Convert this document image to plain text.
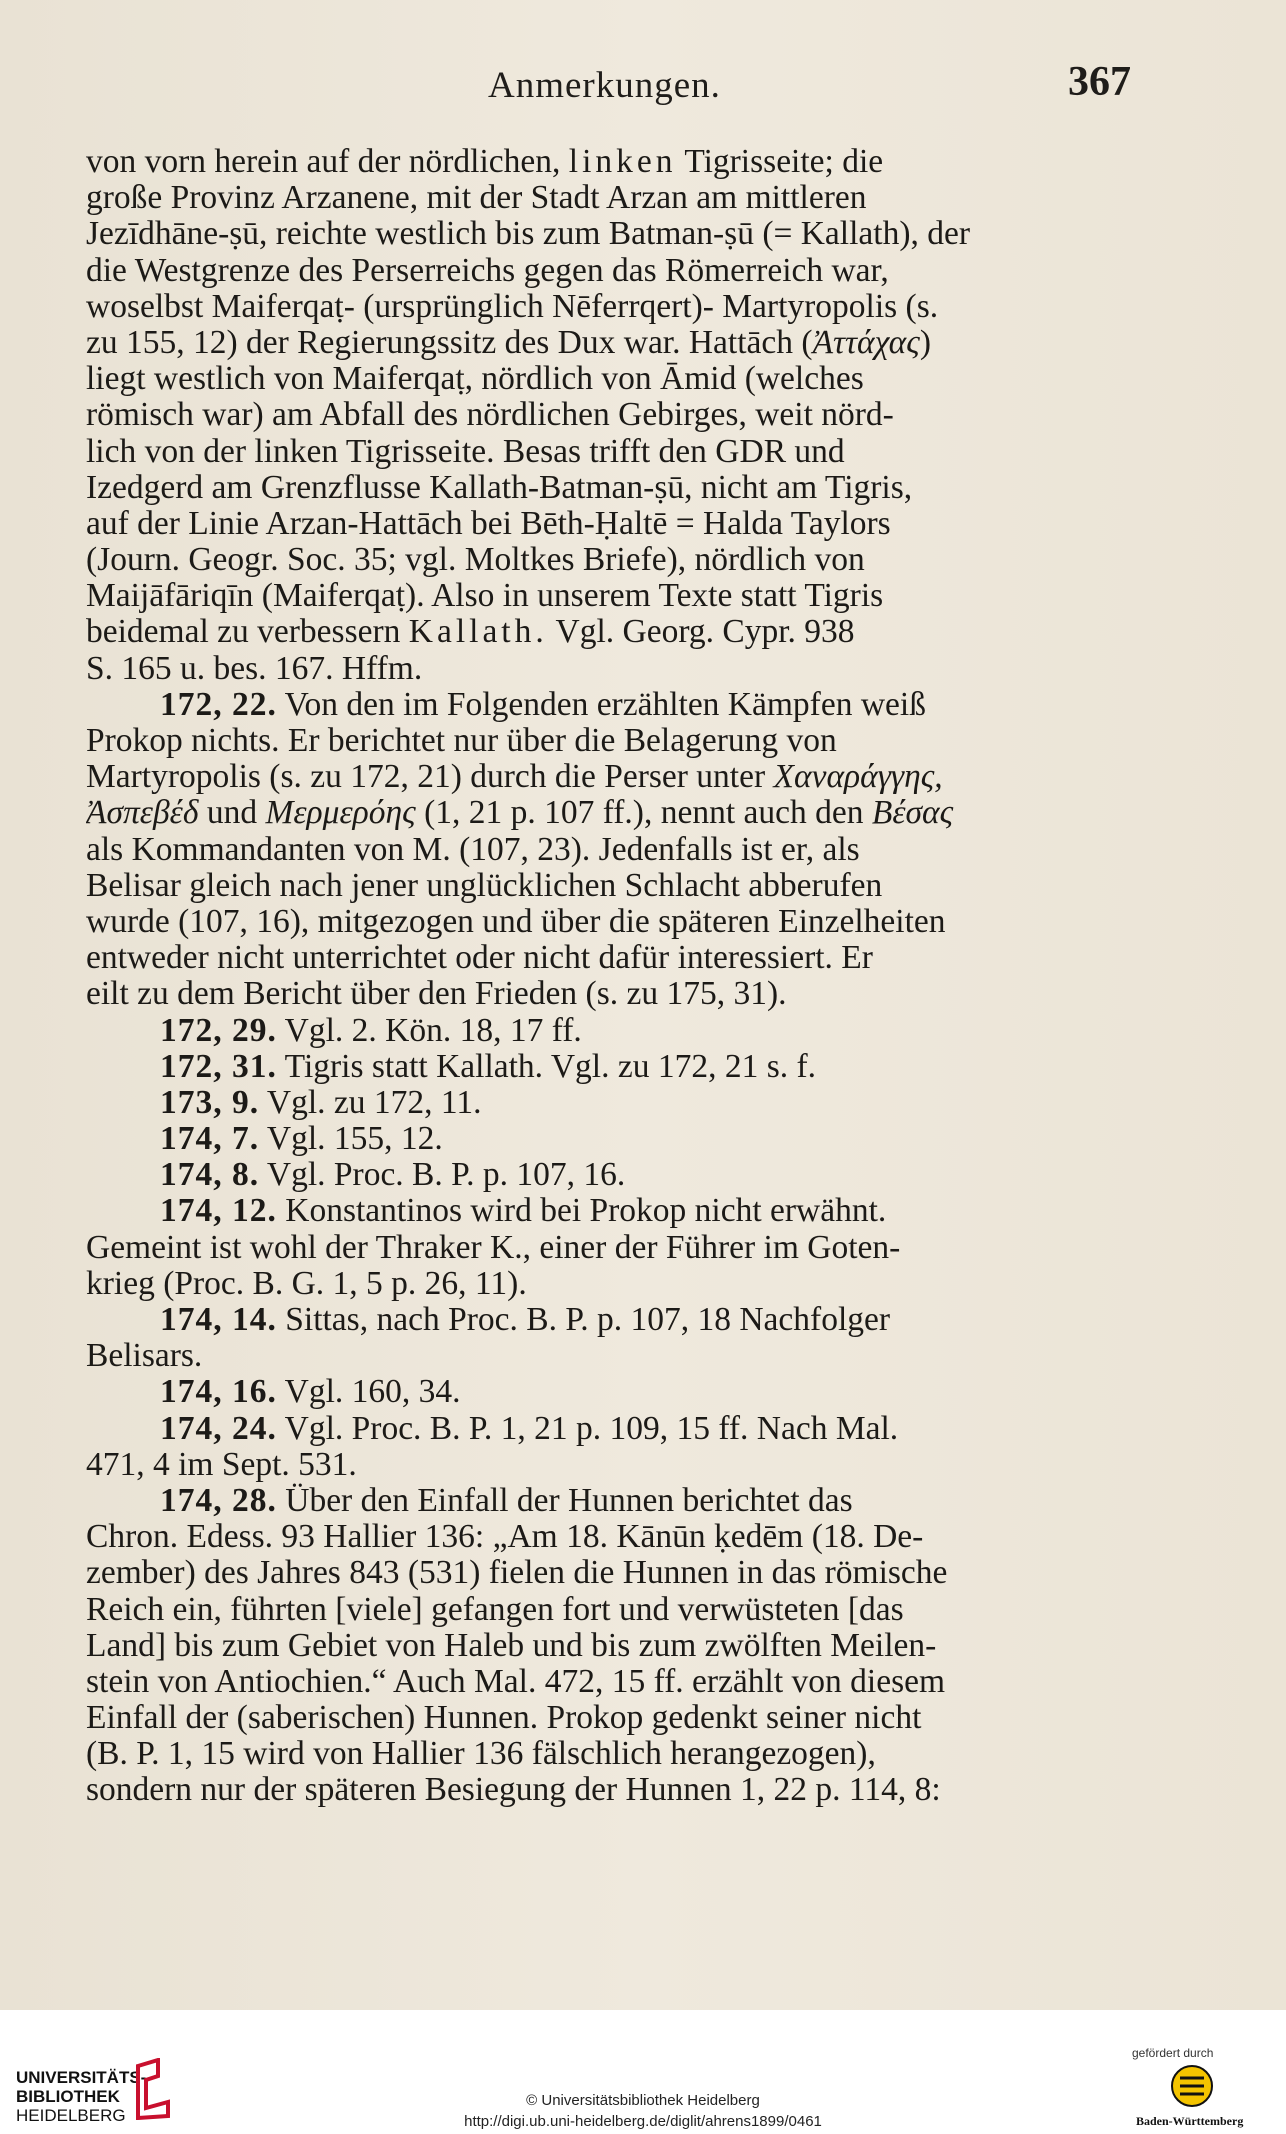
Anmerkungen.	367
von vorn herein auf der nördlichen, linken Tigrisseite; die
große Provinz Arzanene, mit der Stadt Arzan am mittleren
Jezīdhāne-ṣū, reichte westlich bis zum Batman-ṣū (= Kallath), der
die Westgrenze des Perserreichs gegen das Römerreich war,
woselbst Maiferqaṭ- (ursprünglich Nēferrqert)- Martyropolis (s.
zu 155, 12) der Regierungssitz des Dux war. Hattāch (Ἀττάχας)
liegt westlich von Maiferqaṭ, nördlich von Āmid (welches
römisch war) am Abfall des nördlichen Gebirges, weit nörd-
lich von der linken Tigrisseite. Besas trifft den GDR und
Izedgerd am Grenzflusse Kallath-Batman-ṣū, nicht am Tigris,
auf der Linie Arzan-Hattāch bei Bēth-Ḥaltē = Halda Taylors
(Journ. Geogr. Soc. 35; vgl. Moltkes Briefe), nördlich von
Maijāfāriqīn (Maiferqaṭ). Also in unserem Texte statt Tigris
beidemal zu verbessern Kallath. Vgl. Georg. Cypr. 938
S. 165 u. bes. 167. Hffm.
172, 22. Von den im Folgenden erzählten Kämpfen weiß
Prokop nichts. Er berichtet nur über die Belagerung von
Martyropolis (s. zu 172, 21) durch die Perser unter Χαναράγγης,
Ἀσπεβέδ und Μερμερόης (1, 21 p. 107 ff.), nennt auch den Βέσας
als Kommandanten von M. (107, 23). Jedenfalls ist er, als
Belisar gleich nach jener unglücklichen Schlacht abberufen
wurde (107, 16), mitgezogen und über die späteren Einzelheiten
entweder nicht unterrichtet oder nicht dafür interessiert. Er
eilt zu dem Bericht über den Frieden (s. zu 175, 31).
172, 29. Vgl. 2. Kön. 18, 17 ff.
172, 31. Tigris statt Kallath. Vgl. zu 172, 21 s. f.
173, 9. Vgl. zu 172, 11.
174, 7. Vgl. 155, 12.
174, 8. Vgl. Proc. B. P. p. 107, 16.
174, 12. Konstantinos wird bei Prokop nicht erwähnt.
Gemeint ist wohl der Thraker K., einer der Führer im Goten-
krieg (Proc. B. G. 1, 5 p. 26, 11).
174, 14. Sittas, nach Proc. B. P. p. 107, 18 Nachfolger
Belisars.
174, 16. Vgl. 160, 34.
174, 24. Vgl. Proc. B. P. 1, 21 p. 109, 15 ff. Nach Mal.
471, 4 im Sept. 531.
174, 28. Über den Einfall der Hunnen berichtet das
Chron. Edess. 93 Hallier 136: „Am 18. Kānūn ḳedēm (18. De-
zember) des Jahres 843 (531) fielen die Hunnen in das römische
Reich ein, führten [viele] gefangen fort und verwüsteten [das
Land] bis zum Gebiet von Haleb und bis zum zwölften Meilen-
stein von Antiochien.“ Auch Mal. 472, 15 ff. erzählt von diesem
Einfall der (saberischen) Hunnen. Prokop gedenkt seiner nicht
(B. P. 1, 15 wird von Hallier 136 fälschlich herangezogen),
sondern nur der späteren Besiegung der Hunnen 1, 22 p. 114, 8:
UNIVERSITÄTS-
BIBLIOTHEK
HEIDELBERG
© Universitätsbibliothek Heidelberg
http://digi.ub.uni-heidelberg.de/diglit/ahrens1899/0461
gefördert durch
Baden-Württemberg
